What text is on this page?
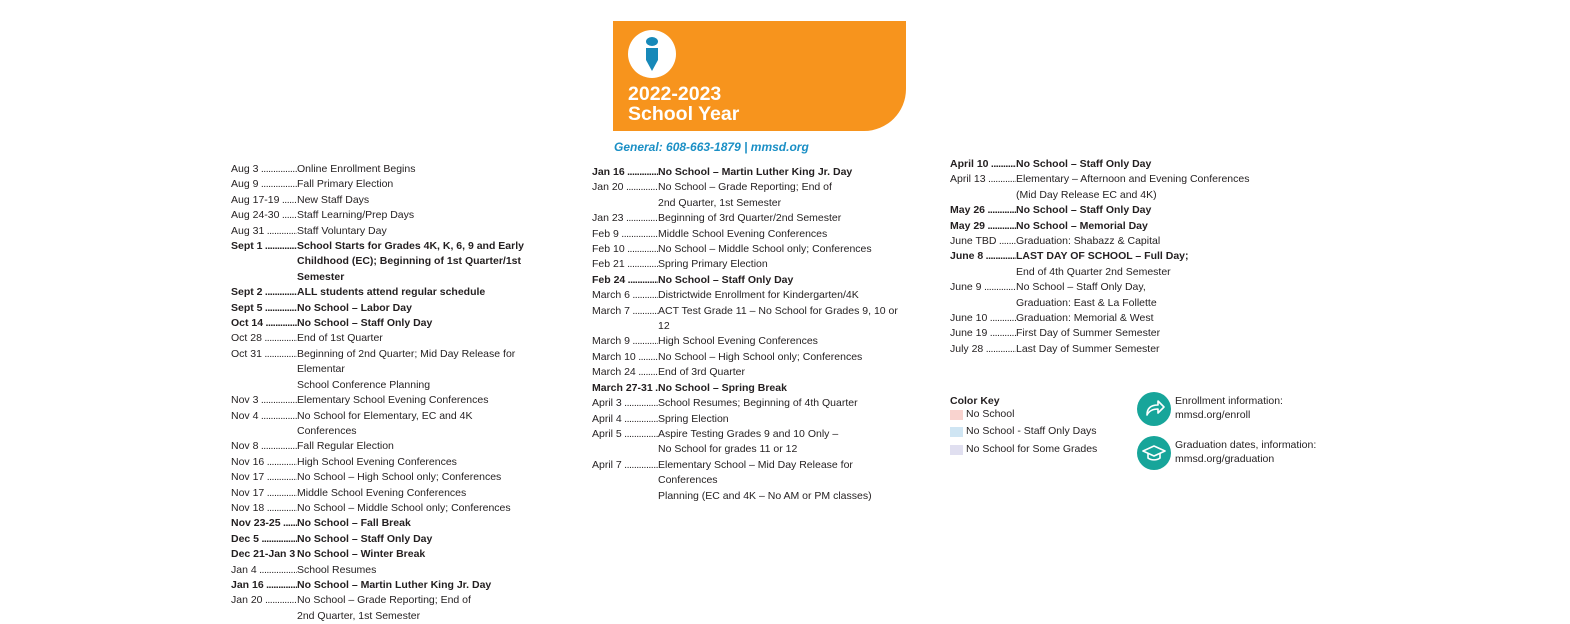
2022-2023
School Year
General: 608-663-1879 | mmsd.org
Aug 3 .....	Online Enrollment Begins
Aug 9 .....	Fall Primary Election
Aug 17-19 .....	New Staff Days
Aug 24-30 .....	Staff Learning/Prep Days
Aug 31 .....	Staff Voluntary Day
Sept 1 .....	School Starts for Grades 4K, K, 6, 9 and Early
Childhood (EC); Beginning of 1st Quarter/1st Semester
Sept 2 .....	ALL students attend regular schedule
Sept 5 .....	No School – Labor Day
Oct 14 .....	No School – Staff Only Day
Oct 28 .....	End of 1st Quarter
Oct 31 .....	Beginning of 2nd Quarter; Mid Day Release for Elementar
School Conference Planning
Nov 3 .....	Elementary School Evening Conferences
Nov 4 .....	No School for Elementary, EC and 4K
Conferences
Nov 8 .....	Fall Regular Election
Nov 16 .....	High School Evening Conferences
Nov 17 .....	No School – High School only; Conferences
Nov 17 .....	Middle School Evening Conferences
Nov 18 .....	No School – Middle School only; Conferences
Nov 23-25 .....	No School – Fall Break
Dec 5 .....	No School – Staff Only Day
Dec 21-Jan 3 ..... No School – Winter Break
Jan 4 .....	School Resumes
Jan 16 .....	No School – Martin Luther King Jr. Day
Jan 20 .....	No School – Grade Reporting; End of
2nd Quarter, 1st Semester
Jan 16 .....	No School – Martin Luther King Jr. Day
Jan 20 .....	No School – Grade Reporting; End of
2nd Quarter, 1st Semester
Jan 23 .....	Beginning of 3rd Quarter/2nd Semester
Feb 9 .....	Middle School Evening Conferences
Feb 10 .....	No School – Middle School only; Conferences
Feb 21 .....	Spring Primary Election
Feb 24 .....	No School – Staff Only Day
March 6 .....	Districtwide Enrollment for Kindergarten/4K
March 7 .....	ACT Test Grade 11 – No School for Grades 9, 10 or 12
March 9 .....	High School Evening Conferences
March 10 .....	No School – High School only; Conferences
March 24 .....	End of 3rd Quarter
March 27-31 ..... No School – Spring Break
April 3 .....	School Resumes; Beginning of 4th Quarter
April 4 .....	Spring Election
April 5 .....	Aspire Testing Grades 9 and 10 Only –
No School for grades 11 or 12
April 7 .....	Elementary School – Mid Day Release for Conferences
Planning (EC and 4K – No AM or PM classes)
April 10 .....	No School – Staff Only Day
April 13 .....	Elementary – Afternoon and Evening Conferences
(Mid Day Release EC and 4K)
May 26 .....	No School – Staff Only Day
May 29 .....	No School – Memorial Day
June TBD .....	Graduation: Shabazz & Capital
June 8 .....	LAST DAY OF SCHOOL – Full Day;
End of 4th Quarter 2nd Semester
June 9 .....	No School – Staff Only Day,
Graduation: East & La Follette
June 10 .....	Graduation: Memorial & West
June 19 .....	First Day of Summer Semester
July 28 .....	Last Day of Summer Semester
Color Key
No School
No School - Staff Only Days
No School for Some Grades
Enrollment information:
mmsd.org/enroll
Graduation dates, information:
mmsd.org/graduation
